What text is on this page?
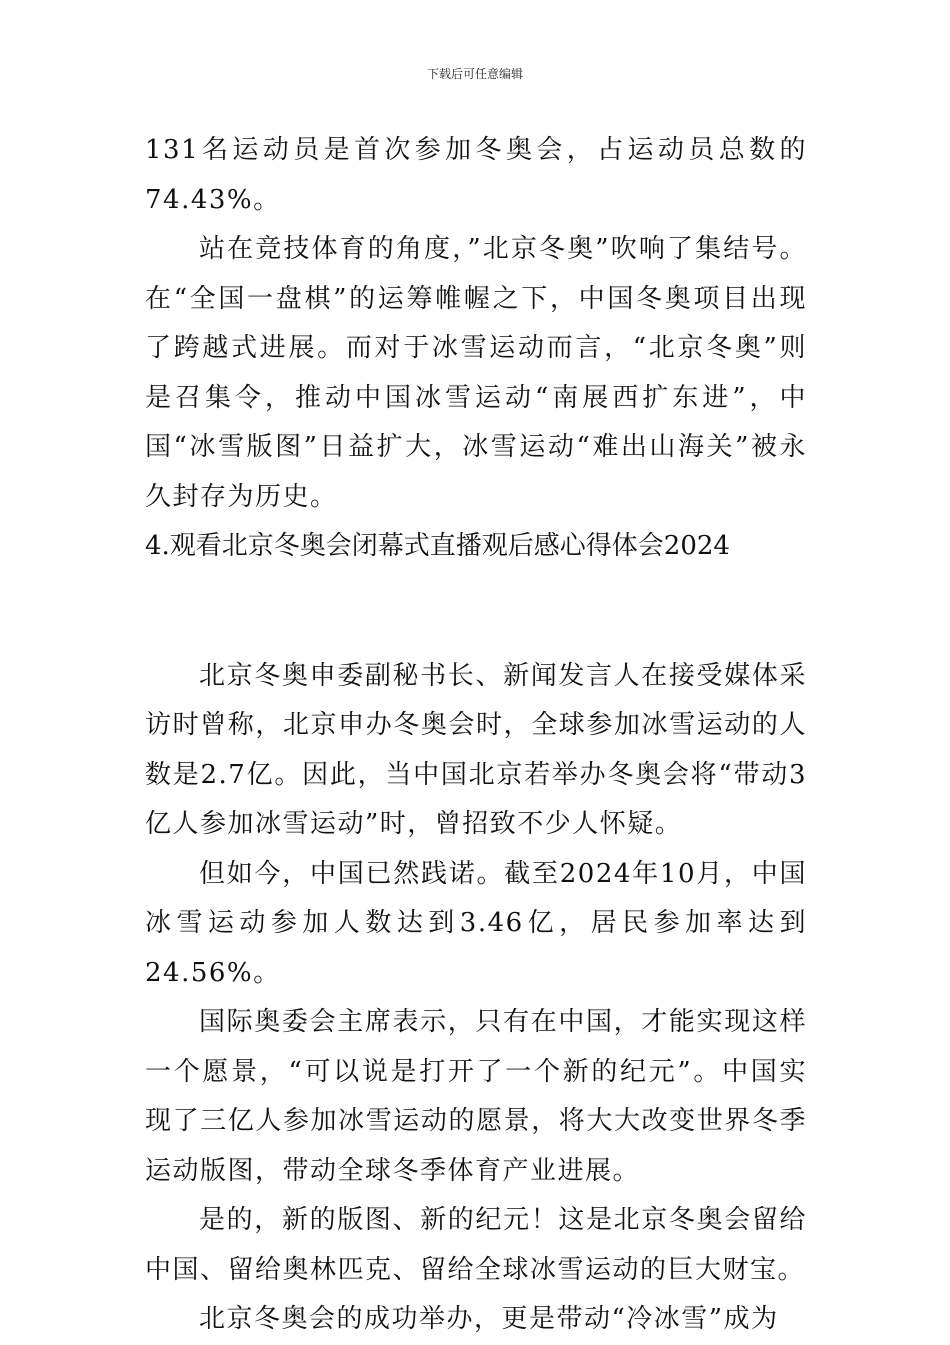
下载后可任意编辑

131名运动员是首次参加冬奥会，占运动员总数的74.43%。

站在竞技体育的角度，”北京冬奥”吹响了集结号。在“全国一盘棋”的运筹帷幄之下，中国冬奥项目出现了跨越式进展。而对于冰雪运动而言，“北京冬奥”则是召集令，推动中国冰雪运动“南展西扩东进”，中国“冰雪版图”日益扩大，冰雪运动“难出山海关”被永久封存为历史。

4.观看北京冬奥会闭幕式直播观后感心得体会2024

北京冬奥申委副秘书长、新闻发言人在接受媒体采访时曾称，北京申办冬奥会时，全球参加冰雪运动的人数是2.7亿。因此，当中国北京若举办冬奥会将“带动3亿人参加冰雪运动”时，曾招致不少人怀疑。

但如今，中国已然践诺。截至2024年10月，中国冰雪运动参加人数达到3.46亿，居民参加率达到24.56%。

国际奥委会主席表示，只有在中国，才能实现这样一个愿景，“可以说是打开了一个新的纪元”。中国实现了三亿人参加冰雪运动的愿景，将大大改变世界冬季运动版图，带动全球冬季体育产业进展。

是的，新的版图、新的纪元！这是北京冬奥会留给中国、留给奥林匹克、留给全球冰雪运动的巨大财宝。

北京冬奥会的成功举办，更是带动“冷冰雪”成为
